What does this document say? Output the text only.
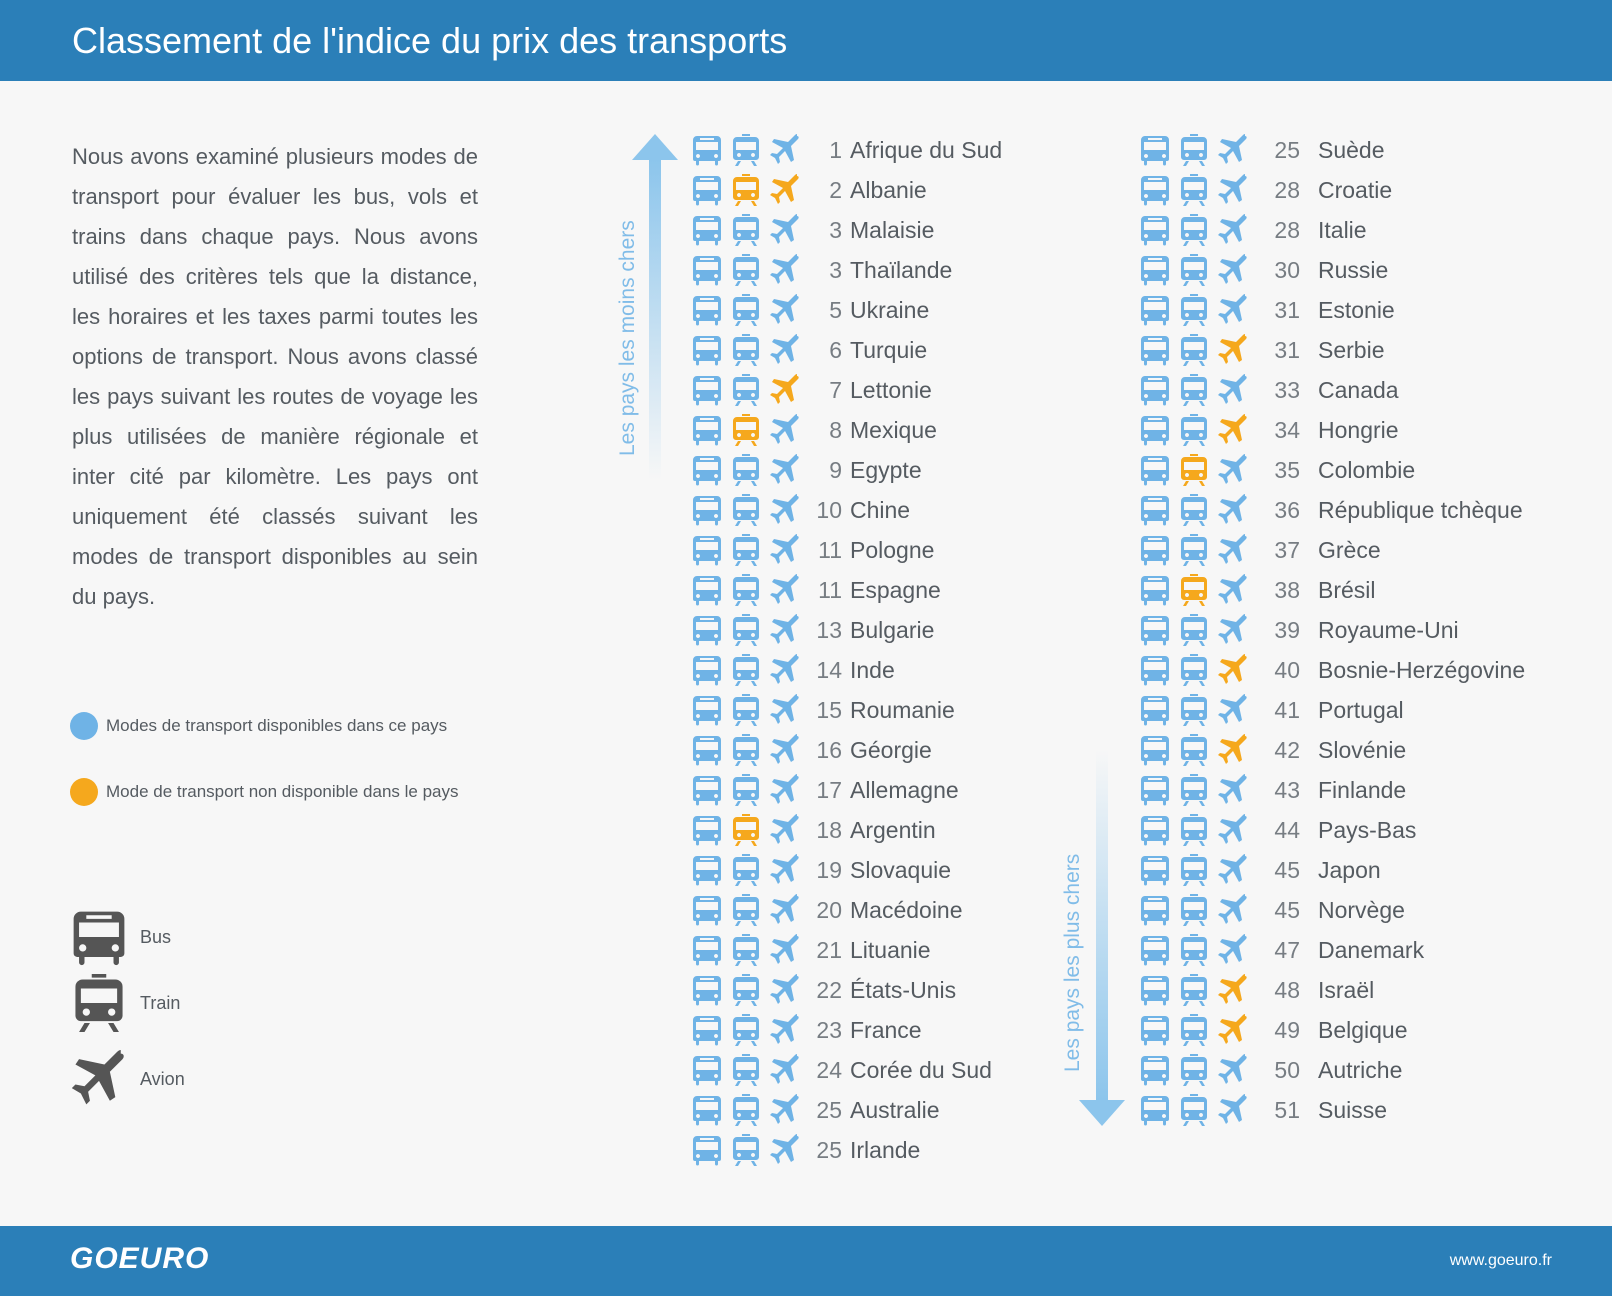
Classement de l'indice du prix des transports
Nous avons examiné plusieurs modes de transport pour évaluer les bus, vols et trains dans chaque pays. Nous avons utilisé des critères tels que la distance, les horaires et les taxes parmi toutes les options de transport. Nous avons classé les pays suivant les routes de voyage les plus utilisées de manière régionale et inter cité par kilomètre. Les pays ont uniquement été classés suivant les modes de transport disponibles au sein du pays.
Modes de transport disponibles dans ce pays
Mode de transport non disponible dans le pays
Bus
Train
Avion
Les pays les moins chers
Les pays les plus chers
1 Afrique du Sud
2 Albanie
3 Malaisie
3 Thaïlande
5 Ukraine
6 Turquie
7 Lettonie
8 Mexique
9 Egypte
10 Chine
11 Pologne
11 Espagne
13 Bulgarie
14 Inde
15 Roumanie
16 Géorgie
17 Allemagne
18 Argentin
19 Slovaquie
20 Macédoine
21 Lituanie
22 États-Unis
23 France
24 Corée du Sud
25 Australie
25 Irlande
25 Suède
28 Croatie
28 Italie
30 Russie
31 Estonie
31 Serbie
33 Canada
34 Hongrie
35 Colombie
36 République tchèque
37 Grèce
38 Brésil
39 Royaume-Uni
40 Bosnie-Herzégovine
41 Portugal
42 Slovénie
43 Finlande
44 Pays-Bas
45 Japon
45 Norvège
47 Danemark
48 Israël
49 Belgique
50 Autriche
51 Suisse
GOEURO	www.goeuro.fr
